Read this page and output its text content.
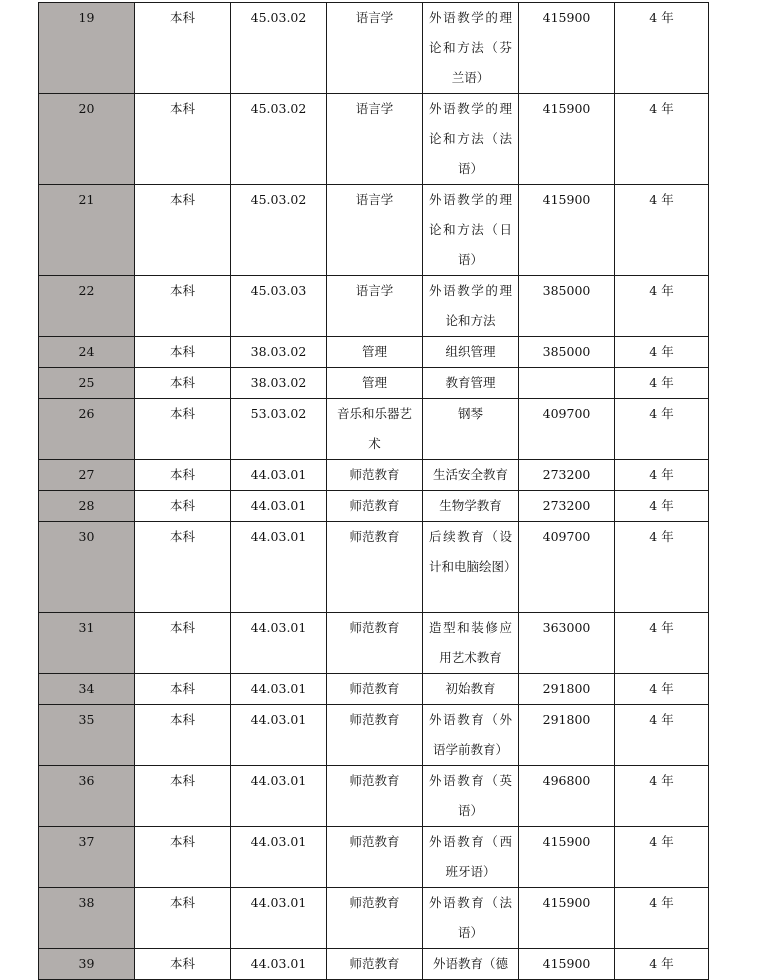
19	本科	45.03.02	语言学	外语教学的理论和方法（芬兰语）	415900	4 年
20	本科	45.03.02	语言学	外语教学的理论和方法（法语）	415900	4 年
21	本科	45.03.02	语言学	外语教学的理论和方法（日语）	415900	4 年
22	本科	45.03.03	语言学	外语教学的理论和方法	385000	4 年
24	本科	38.03.02	管理	组织管理	385000	4 年
25	本科	38.03.02	管理	教育管理		4 年
26	本科	53.03.02	音乐和乐器艺术	钢琴	409700	4 年
27	本科	44.03.01	师范教育	生活安全教育	273200	4 年
28	本科	44.03.01	师范教育	生物学教育	273200	4 年
30	本科	44.03.01	师范教育	后续教育（设计和电脑绘图）	409700	4 年
31	本科	44.03.01	师范教育	造型和装修应用艺术教育	363000	4 年
34	本科	44.03.01	师范教育	初始教育	291800	4 年
35	本科	44.03.01	师范教育	外语教育（外语学前教育）	291800	4 年
36	本科	44.03.01	师范教育	外语教育（英语）	496800	4 年
37	本科	44.03.01	师范教育	外语教育（西班牙语）	415900	4 年
38	本科	44.03.01	师范教育	外语教育（法语）	415900	4 年
39	本科	44.03.01	师范教育	外语教育（德	415900	4 年
